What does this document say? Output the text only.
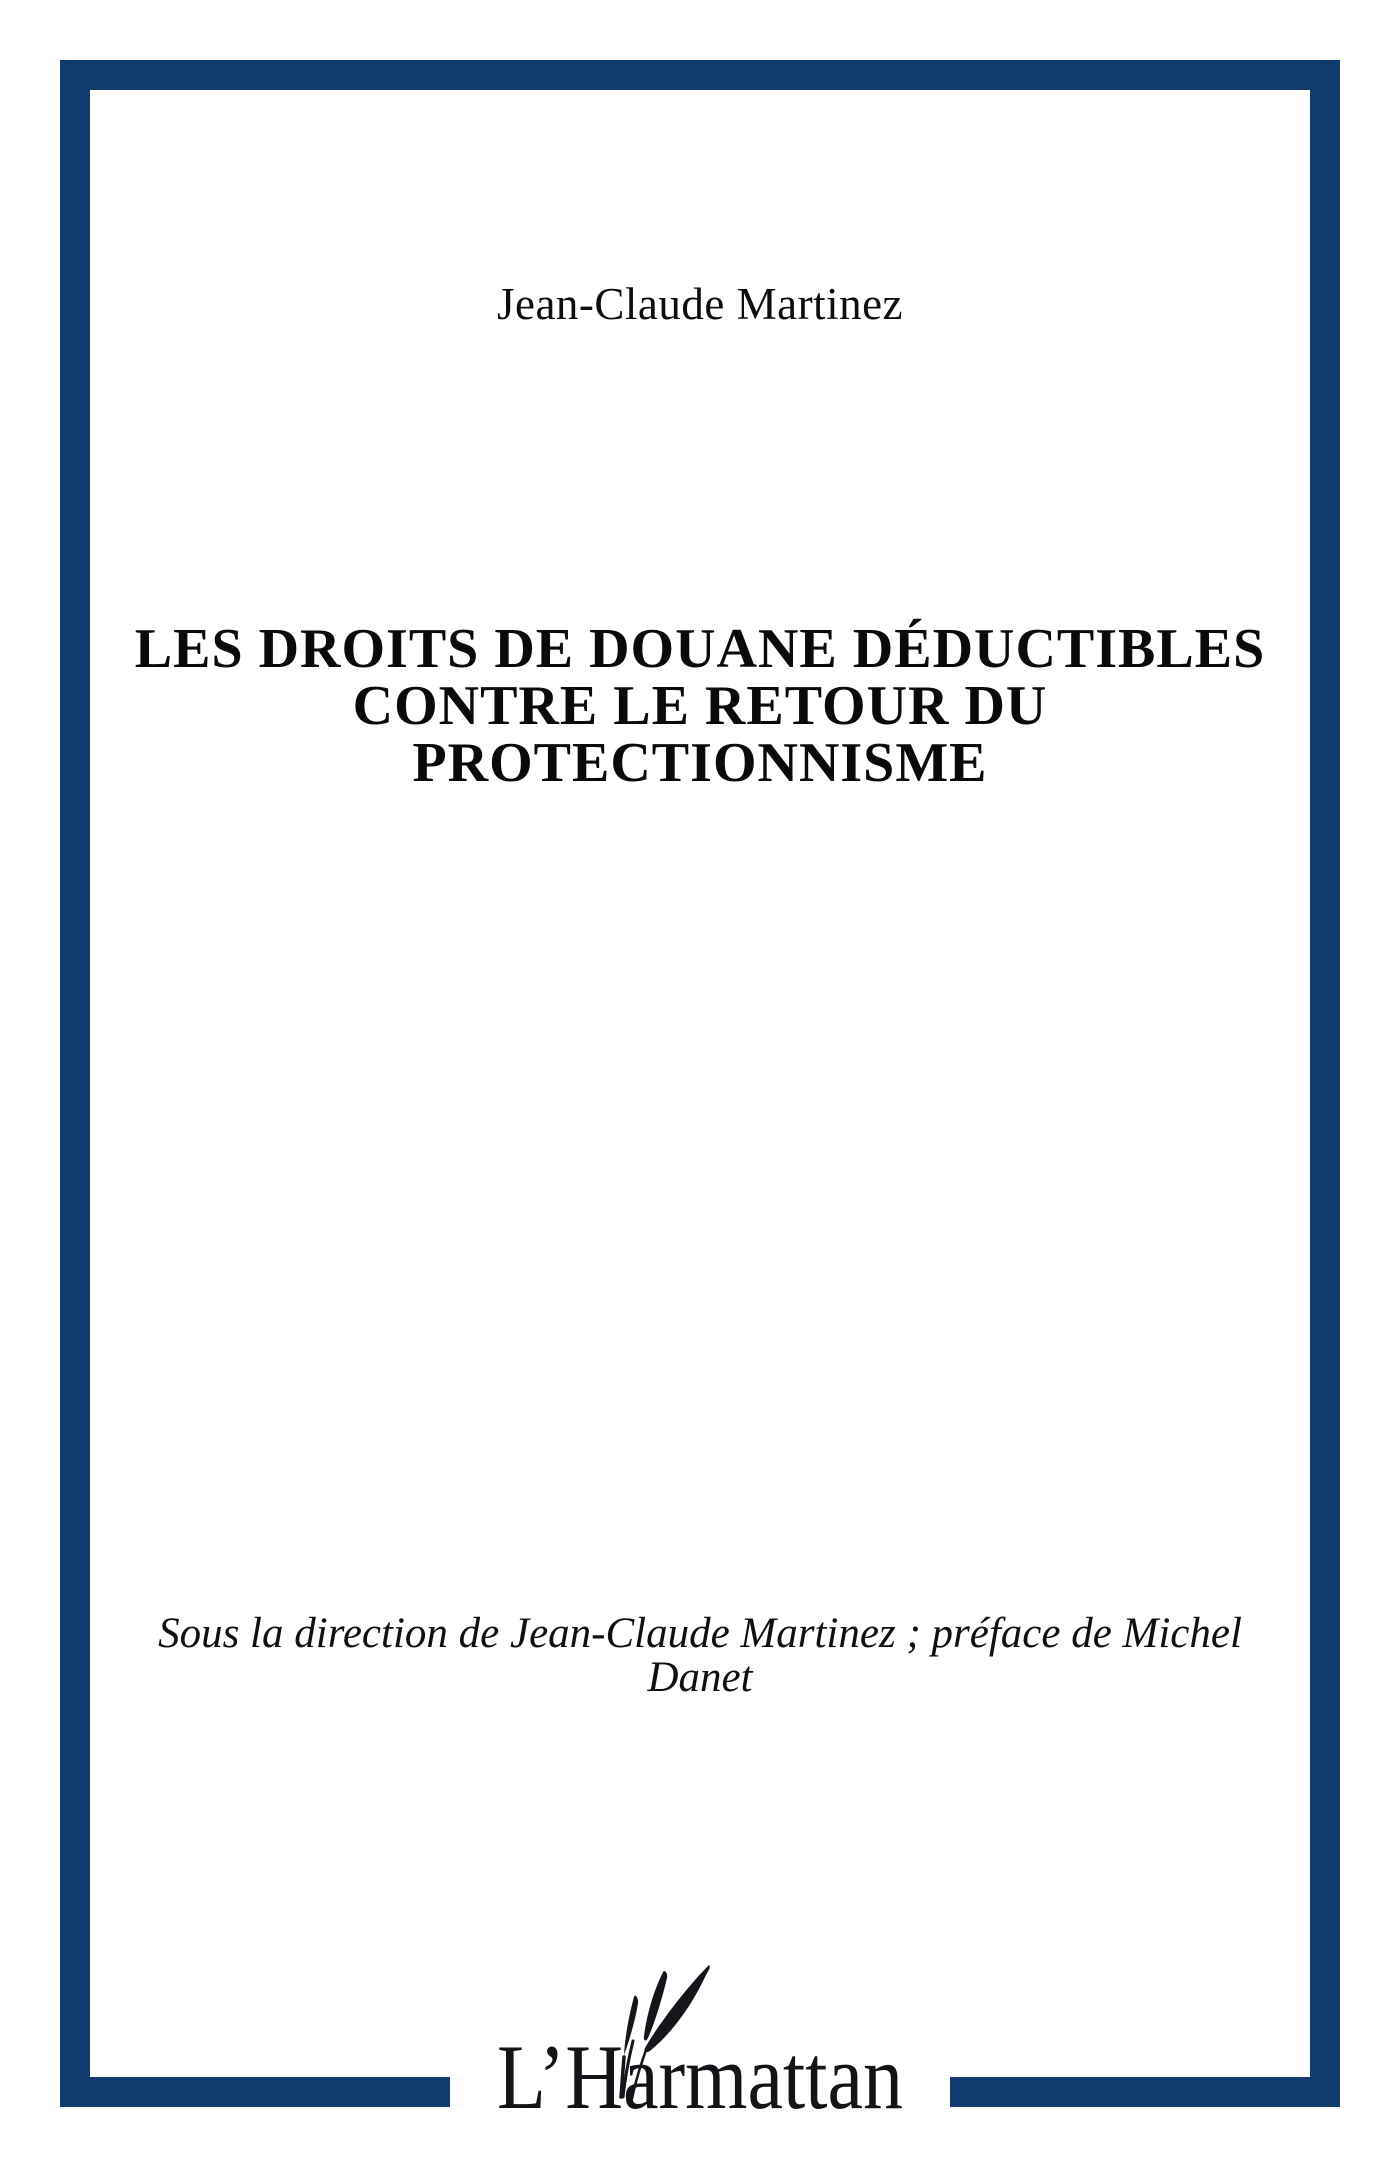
Jean-Claude Martinez
LES DROITS DE DOUANE DÉDUCTIBLES
CONTRE LE RETOUR DU
PROTECTIONNISME
Sous la direction de Jean-Claude Martinez ; préface de Michel
Danet
L’Harmattan
